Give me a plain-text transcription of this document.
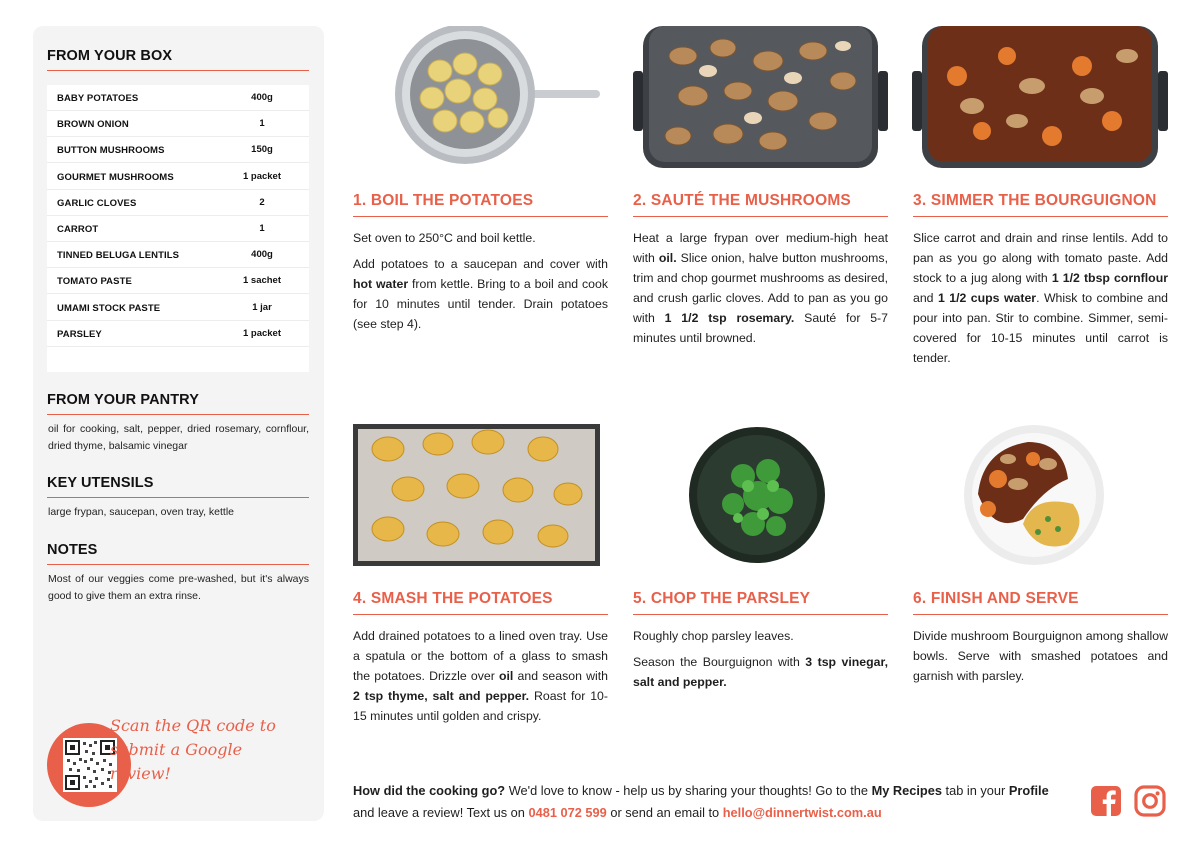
FROM YOUR BOX
BABY POTATOES	400g
BROWN ONION	1
BUTTON MUSHROOMS	150g
GOURMET MUSHROOMS	1 packet
GARLIC CLOVES	2
CARROT	1
TINNED BELUGA LENTILS	400g
TOMATO PASTE	1 sachet
UMAMI STOCK PASTE	1 jar
PARSLEY	1 packet
FROM YOUR PANTRY
oil for cooking, salt, pepper, dried rosemary, cornflour, dried thyme, balsamic vinegar
KEY UTENSILS
large frypan, saucepan, oven tray, kettle
NOTES
Most of our veggies come pre-washed, but it's always good to give them an extra rinse.
Scan the QR code to submit a Google review!
1. BOIL THE POTATOES

Set oven to 250°C and boil kettle.

Add potatoes to a saucepan and cover with hot water from kettle. Bring to a boil and cook for 10 minutes until tender. Drain potatoes (see step 4).

2. SAUTÉ THE MUSHROOMS

Heat a large frypan over medium-high heat with oil. Slice onion, halve button mushrooms, trim and chop gourmet mushrooms as desired, and crush garlic cloves. Add to pan as you go with 1 1/2 tsp rosemary. Sauté for 5-7 minutes until browned.

3. SIMMER THE BOURGUIGNON

Slice carrot and drain and rinse lentils. Add to pan as you go along with tomato paste. Add stock to a jug along with 1 1/2 tbsp cornflour and 1 1/2 cups water. Whisk to combine and pour into pan. Stir to combine. Simmer, semi-covered for 10-15 minutes until carrot is tender.

4. SMASH THE POTATOES

Add drained potatoes to a lined oven tray. Use a spatula or the bottom of a glass to smash the potatoes. Drizzle over oil and season with 2 tsp thyme, salt and pepper. Roast for 10-15 minutes until golden and crispy.

5. CHOP THE PARSLEY

Roughly chop parsley leaves.

Season the Bourguignon with 3 tsp vinegar, salt and pepper.

6. FINISH AND SERVE

Divide mushroom Bourguignon among shallow bowls. Serve with smashed potatoes and garnish with parsley.

How did the cooking go? We'd love to know - help us by sharing your thoughts! Go to the My Recipes tab in your Profile and leave a review! Text us on 0481 072 599 or send an email to hello@dinnertwist.com.au
